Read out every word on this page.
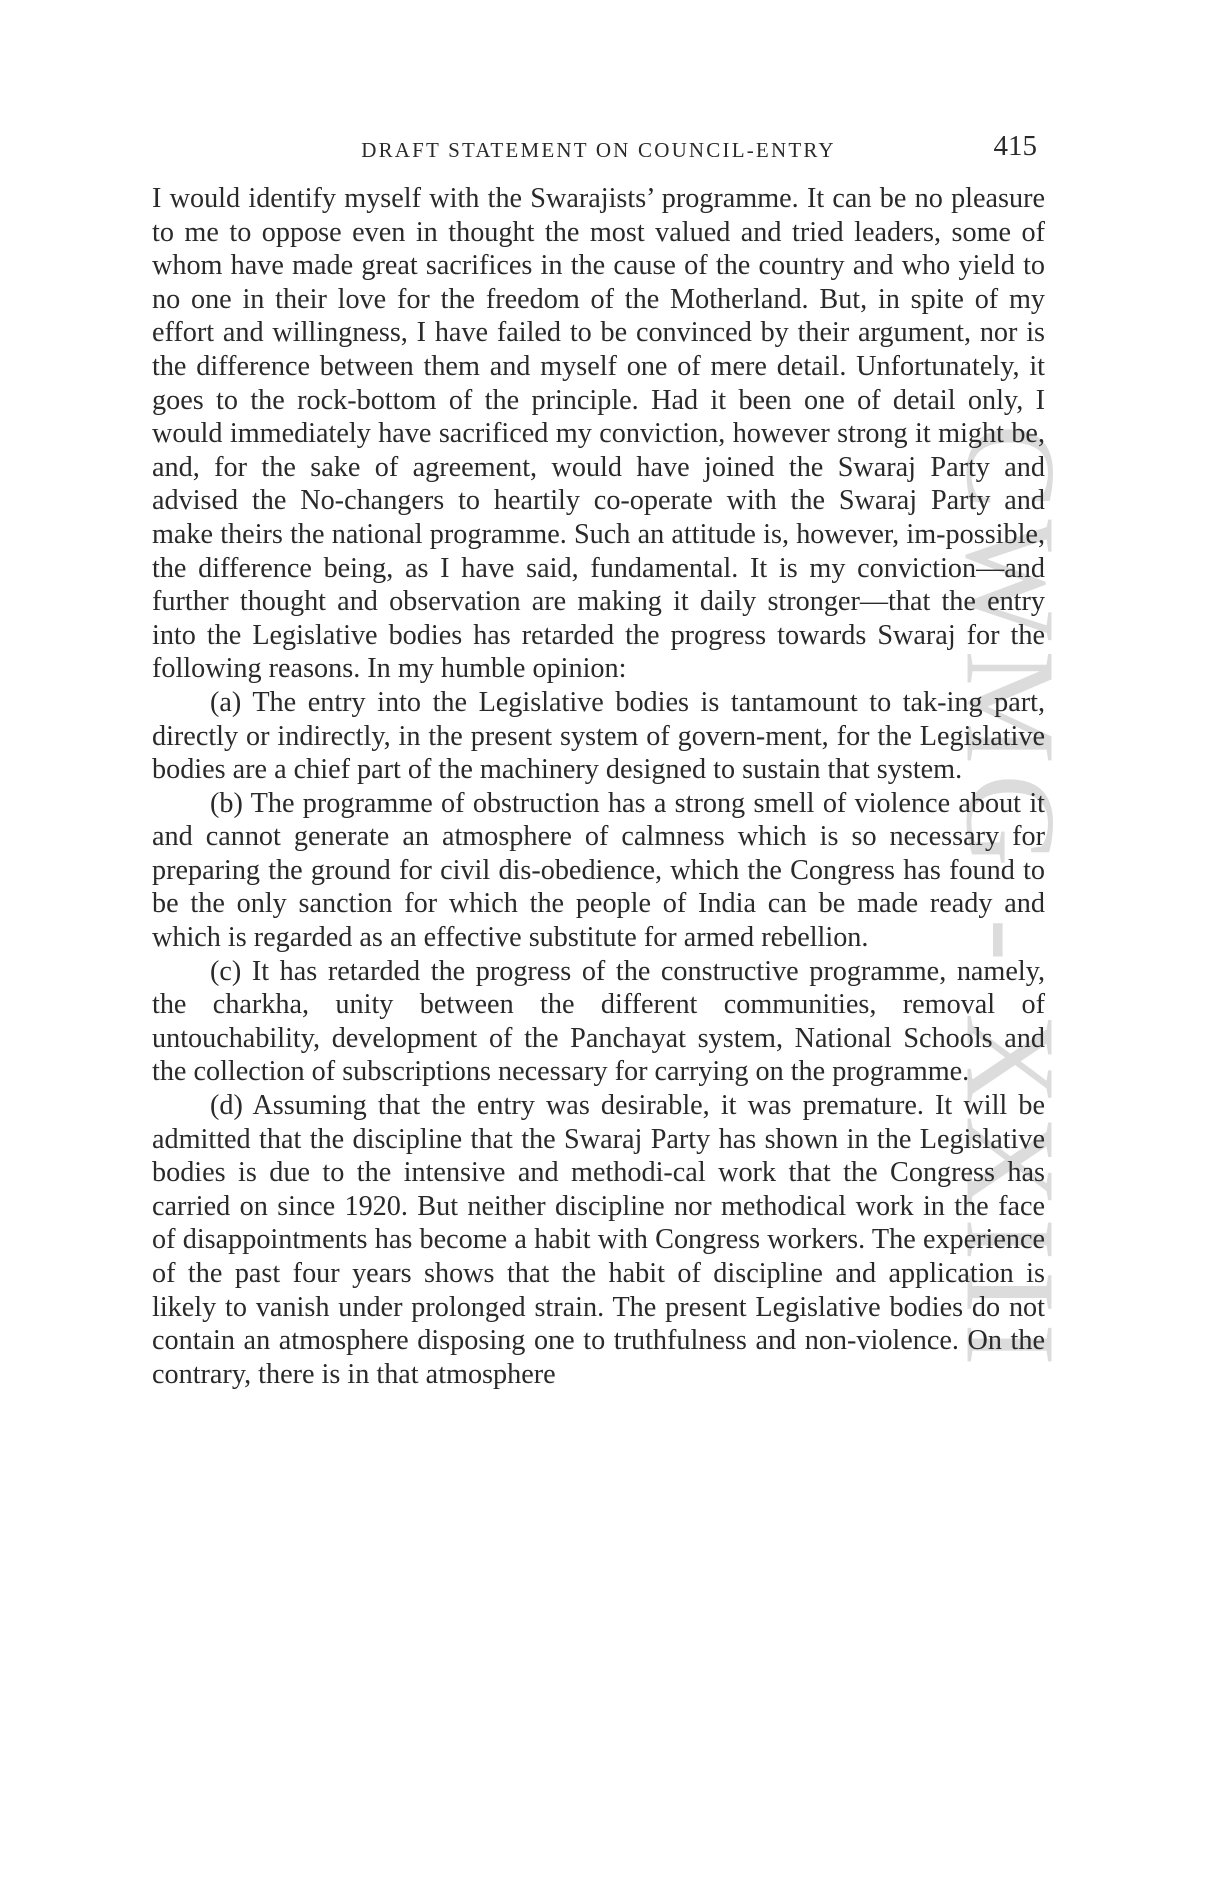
CWMG - XXIII
DRAFT STATEMENT ON COUNCIL-ENTRY	415

I would identify myself with the Swarajists’ programme. It can be no pleasure to me to oppose even in thought the most valued and tried leaders, some of whom have made great sacrifices in the cause of the country and who yield to no one in their love for the freedom of the Motherland. But, in spite of my effort and willingness, I have failed to be convinced by their argument, nor is the difference between them and myself one of mere detail. Unfortunately, it goes to the rock-bottom of the principle. Had it been one of detail only, I would immediately have sacrificed my conviction, however strong it might be, and, for the sake of agreement, would have joined the Swaraj Party and advised the No-changers to heartily co-operate with the Swaraj Party and make theirs the national programme. Such an attitude is, however, im-possible, the difference being, as I have said, fundamental. It is my conviction—and further thought and observation are making it daily stronger—that the entry into the Legislative bodies has retarded the progress towards Swaraj for the following reasons. In my humble opinion:

(a) The entry into the Legislative bodies is tantamount to tak-ing part, directly or indirectly, in the present system of govern-ment, for the Legislative bodies are a chief part of the machinery designed to sustain that system.

(b) The programme of obstruction has a strong smell of violence about it and cannot generate an atmosphere of calmness which is so necessary for preparing the ground for civil dis-obedience, which the Congress has found to be the only sanction for which the people of India can be made ready and which is regarded as an effective substitute for armed rebellion.

(c) It has retarded the progress of the constructive programme, namely, the charkha, unity between the different communities, removal of untouchability, development of the Panchayat system, National Schools and the collection of subscriptions necessary for carrying on the programme.

(d) Assuming that the entry was desirable, it was premature. It will be admitted that the discipline that the Swaraj Party has shown in the Legislative bodies is due to the intensive and methodi-cal work that the Congress has carried on since 1920. But neither discipline nor methodical work in the face of disappointments has become a habit with Congress workers. The experience of the past four years shows that the habit of discipline and application is likely to vanish under prolonged strain. The present Legislative bodies do not contain an atmosphere disposing one to truthfulness and non-violence. On the contrary, there is in that atmosphere
